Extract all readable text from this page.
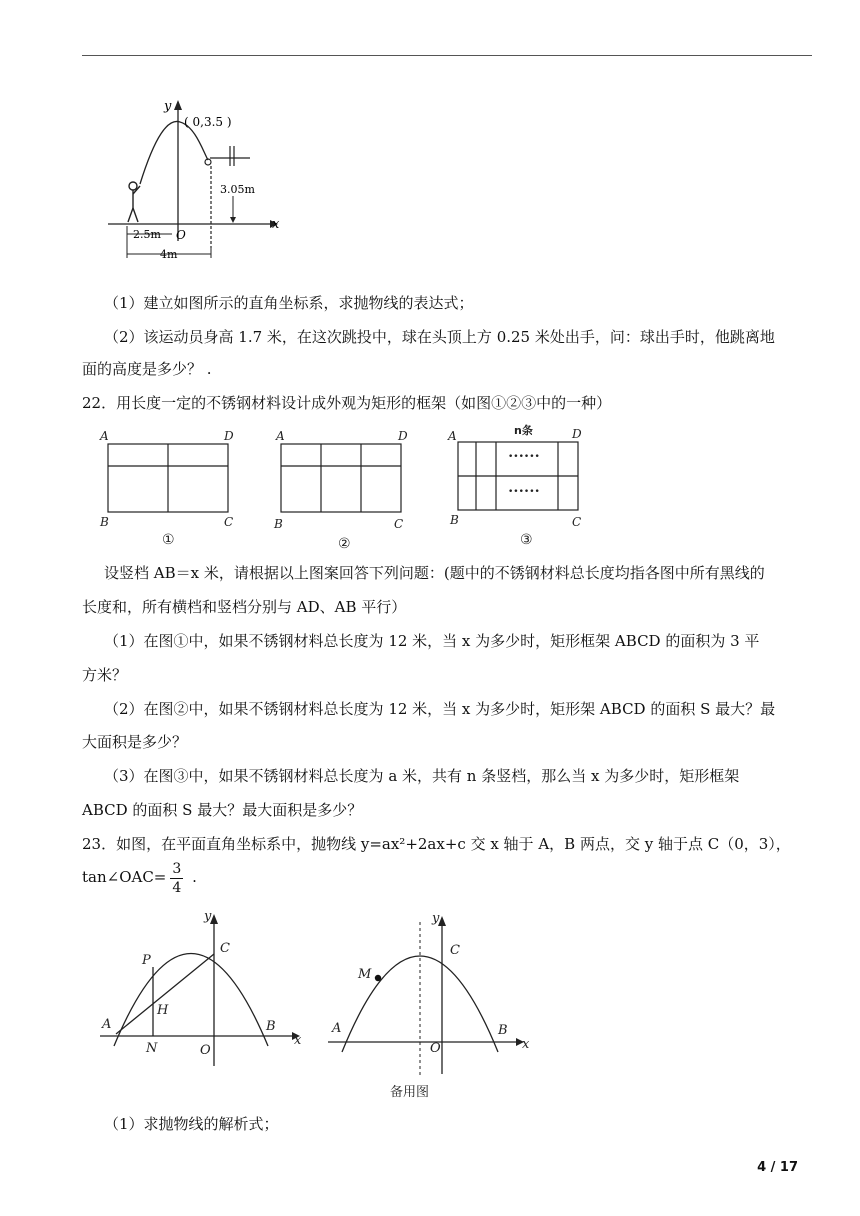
y
( 0,3.5 )
x
O
3.05m
2.5m
4m

（1）建立如图所示的直角坐标系，求抛物线的表达式；

（2）该运动员身高 1.7 米，在这次跳投中，球在头顶上方 0.25 米处出手，问：球出手时，他跳离地

面的高度是多少？ .

22．用长度一定的不锈钢材料设计成外观为矩形的框架（如图①②③中的一种）

A	D
B	C
A	D
B	C
A	D
B	C
n条
••••••
••••••
①	②	③

设竖档 AB＝x 米，请根据以上图案回答下列问题：(题中的不锈钢材料总长度均指各图中所有黑线的

长度和，所有横档和竖档分别与 AD、AB 平行）

（1）在图①中，如果不锈钢材料总长度为 12 米，当 x 为多少时，矩形框架 ABCD 的面积为 3 平

方米？

（2）在图②中，如果不锈钢材料总长度为 12 米，当 x 为多少时，矩形架 ABCD 的面积 S 最大？最

大面积是多少？

（3）在图③中，如果不锈钢材料总长度为 a 米，共有 n 条竖档，那么当 x 为多少时，矩形框架

ABCD 的面积 S 最大？最大面积是多少？

23．如图，在平面直角坐标系中，抛物线 y=ax²+2ax+c 交 x 轴于 A，B 两点，交 y 轴于点 C（0，3），

tan∠OAC= $\frac{3}{4}$ .
y
P
C
H
A	B
x
N	O
y
M
C
A	B
x
O
备用图

（1）求抛物线的解析式；

4 / 17
